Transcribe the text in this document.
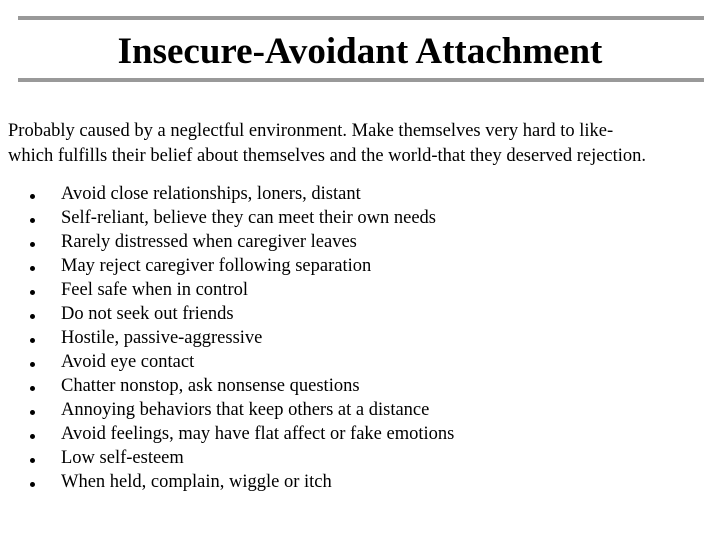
Insecure-Avoidant Attachment

Probably caused by a neglectful environment. Make themselves very hard to like-

which fulfills their belief about themselves and the world-that they deserved rejection.

Avoid close relationships, loners, distant
Self-reliant, believe they can meet their own needs
Rarely distressed when caregiver leaves
May reject caregiver following separation
Feel safe when in control
Do not seek out friends
Hostile, passive-aggressive
Avoid eye contact
Chatter nonstop, ask nonsense questions
Annoying behaviors that keep others at a distance
Avoid feelings, may have flat affect or fake emotions
Low self-esteem
When held, complain, wiggle or itch
